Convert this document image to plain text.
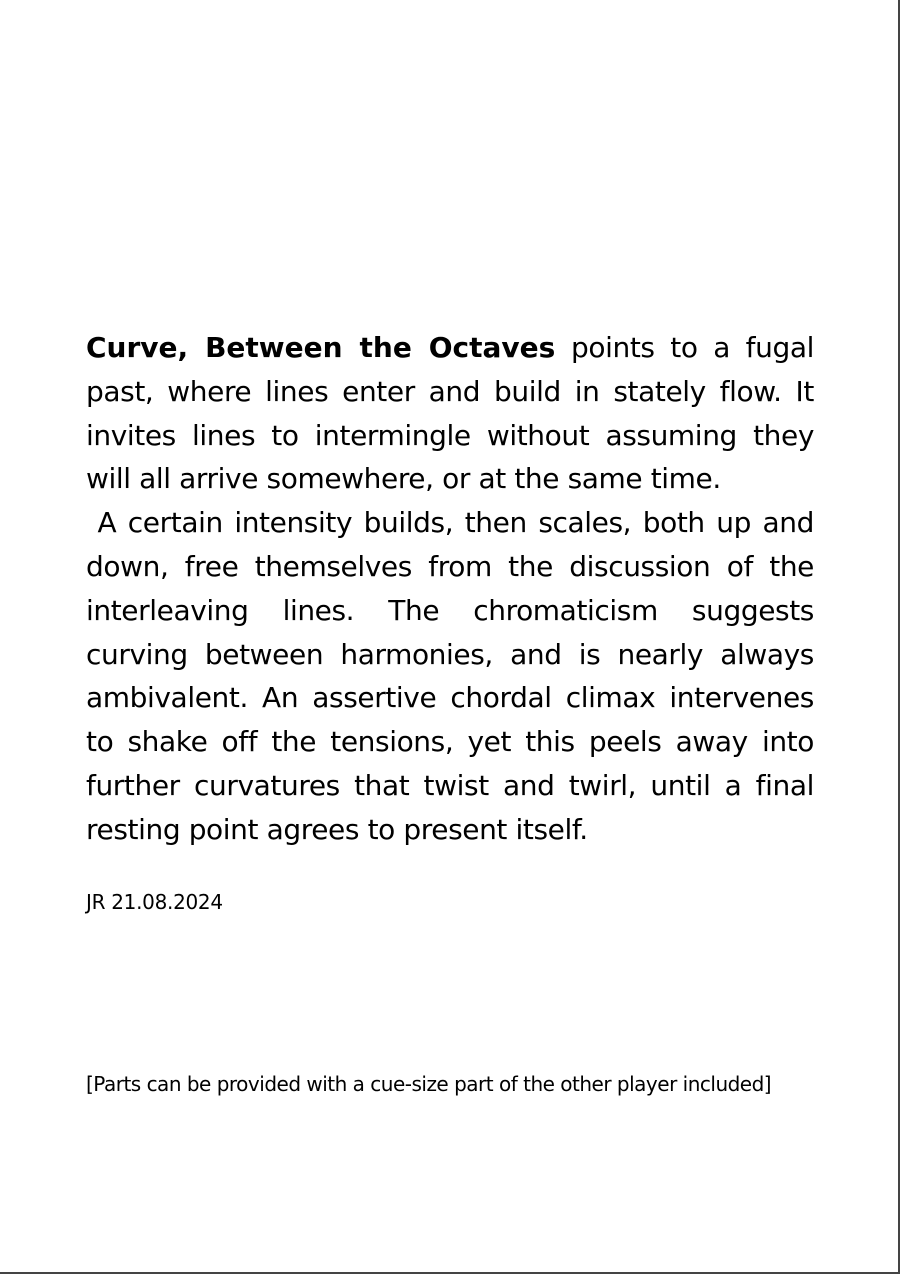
Curve, Between the Octaves points to a fugal past, where lines enter and build in stately flow. It invites lines to intermingle without assuming they will all arrive somewhere, or at the same time.

A certain intensity builds, then scales, both up and down, free themselves from the discussion of the interleaving lines. The chromaticism suggests curving between harmonies, and is nearly always ambivalent. An assertive chordal climax intervenes to shake off the tensions, yet this peels away into further curvatures that twist and twirl, until a final resting point agrees to present itself.

JR 21.08.2024

[Parts can be provided with a cue-size part of the other player included]
